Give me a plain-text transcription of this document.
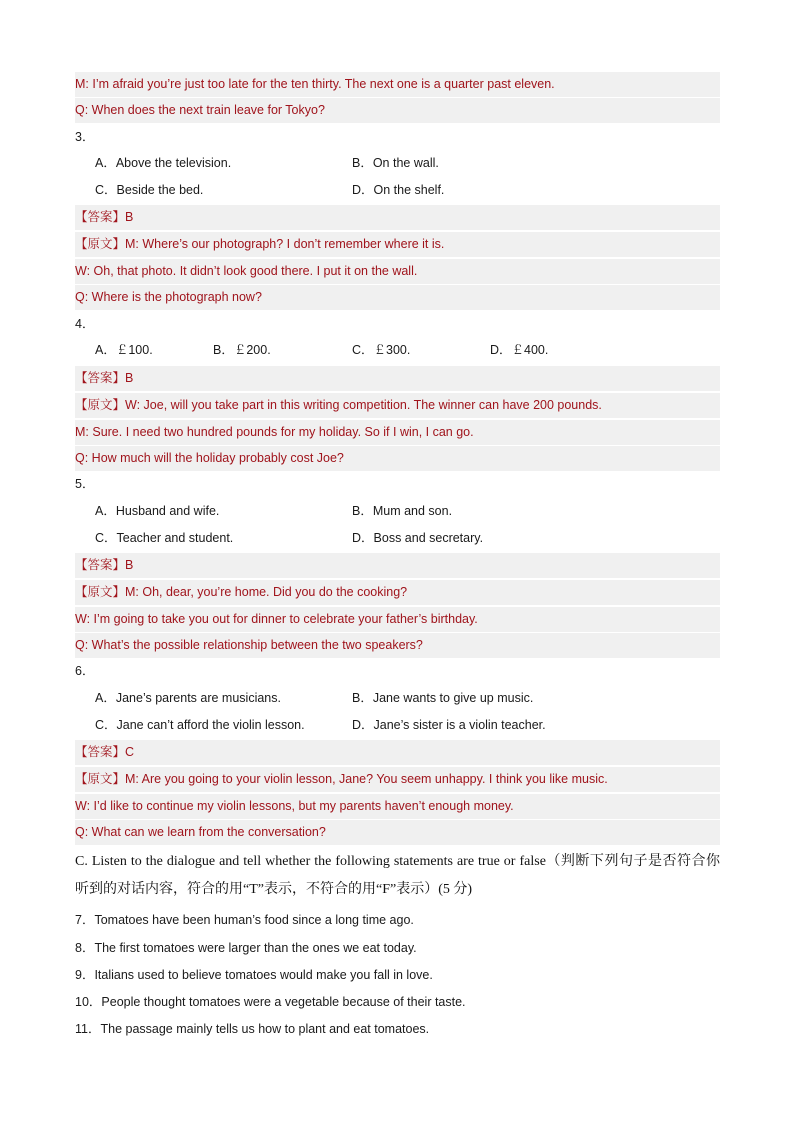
M: I’m afraid you’re just too late for the ten thirty. The next one is a quarter past eleven.
Q: When does the next train leave for Tokyo?
3．
A．Above the television.	B．On the wall.
C．Beside the bed.	D．On the shelf.
【答案】B
【原文】M: Where’s our photograph? I don’t remember where it is.
W: Oh, that photo. It didn’t look good there. I put it on the wall.
Q: Where is the photograph now?
4．
A．￡100.	B．￡200.	C．￡300.	D．￡400.
【答案】B
【原文】W: Joe, will you take part in this writing competition. The winner can have 200 pounds.
M: Sure. I need two hundred pounds for my holiday. So if I win, I can go.
Q: How much will the holiday probably cost Joe?
5．
A．Husband and wife.	B．Mum and son.
C．Teacher and student.	D．Boss and secretary.
【答案】B
【原文】M: Oh, dear, you’re home. Did you do the cooking?
W: I’m going to take you out for dinner to celebrate your father’s birthday.
Q: What’s the possible relationship between the two speakers?
6．
A．Jane’s parents are musicians.	B．Jane wants to give up music.
C．Jane can’t afford the violin lesson.	D．Jane’s sister is a violin teacher.
【答案】C
【原文】M: Are you going to your violin lesson, Jane? You seem unhappy. I think you like music.
W: I’d like to continue my violin lessons, but my parents haven’t enough money.
Q: What can we learn from the conversation?
C. Listen to the dialogue and tell whether the following statements are true or false（判断下列句子是否符合你听到的对话内容，符合的用“T”表示，不符合的用“F”表示）(5 分)
7．Tomatoes have been human’s food since a long time ago.
8．The first tomatoes were larger than the ones we eat today.
9．Italians used to believe tomatoes would make you fall in love.
10．People thought tomatoes were a vegetable because of their taste.
11．The passage mainly tells us how to plant and eat tomatoes.
